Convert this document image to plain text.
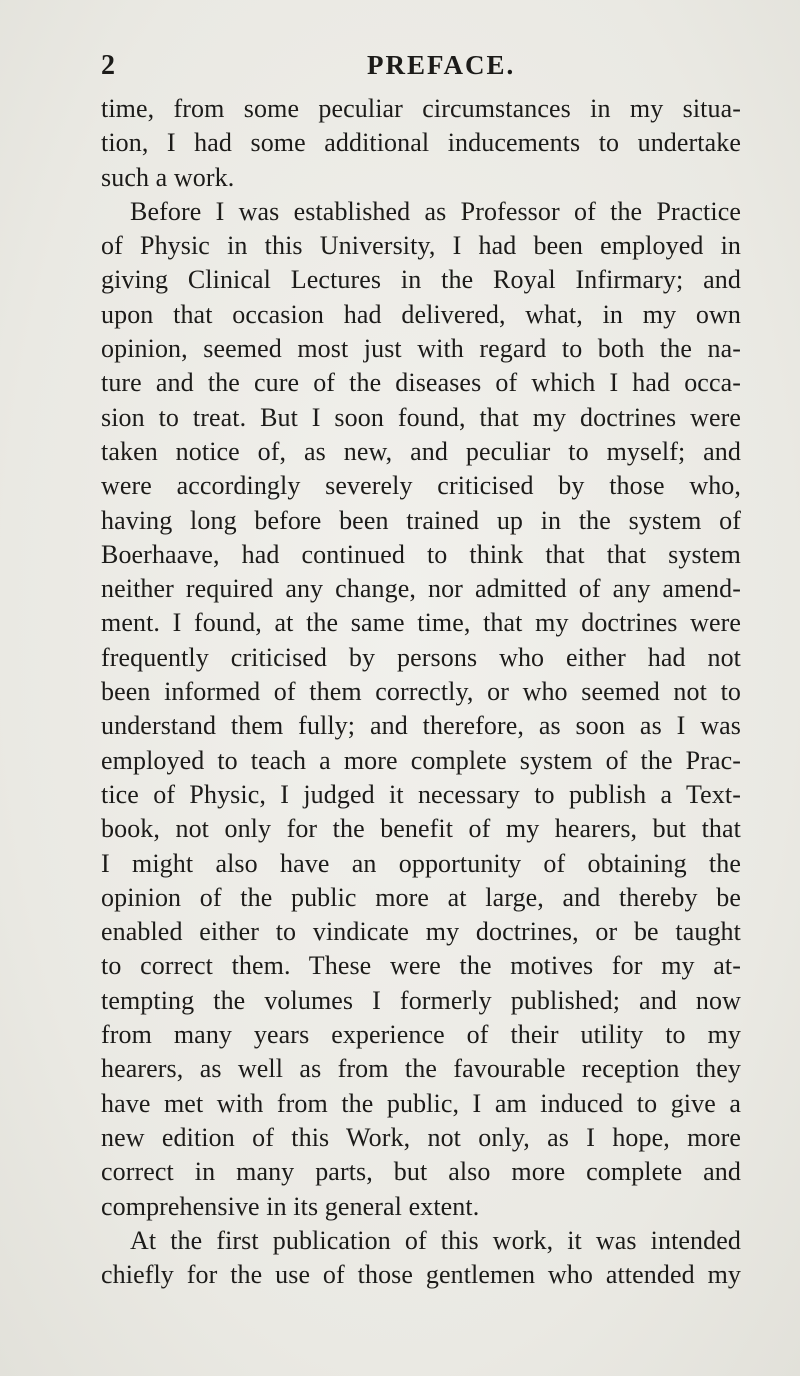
2	PREFACE.
time, from some peculiar circumstances in my situa-
tion, I had some additional inducements to undertake
such a work.
Before I was established as Professor of the Practice
of Physic in this University, I had been employed in
giving Clinical Lectures in the Royal Infirmary; and
upon that occasion had delivered, what, in my own
opinion, seemed most just with regard to both the na-
ture and the cure of the diseases of which I had occa-
sion to treat. But I soon found, that my doctrines were
taken notice of, as new, and peculiar to myself; and
were accordingly severely criticised by those who,
having long before been trained up in the system of
Boerhaave, had continued to think that that system
neither required any change, nor admitted of any amend-
ment. I found, at the same time, that my doctrines were
frequently criticised by persons who either had not
been informed of them correctly, or who seemed not to
understand them fully; and therefore, as soon as I was
employed to teach a more complete system of the Prac-
tice of Physic, I judged it necessary to publish a Text-
book, not only for the benefit of my hearers, but that
I might also have an opportunity of obtaining the
opinion of the public more at large, and thereby be
enabled either to vindicate my doctrines, or be taught
to correct them. These were the motives for my at-
tempting the volumes I formerly published; and now
from many years experience of their utility to my
hearers, as well as from the favourable reception they
have met with from the public, I am induced to give a
new edition of this Work, not only, as I hope, more
correct in many parts, but also more complete and
comprehensive in its general extent.
At the first publication of this work, it was intended
chiefly for the use of those gentlemen who attended my
